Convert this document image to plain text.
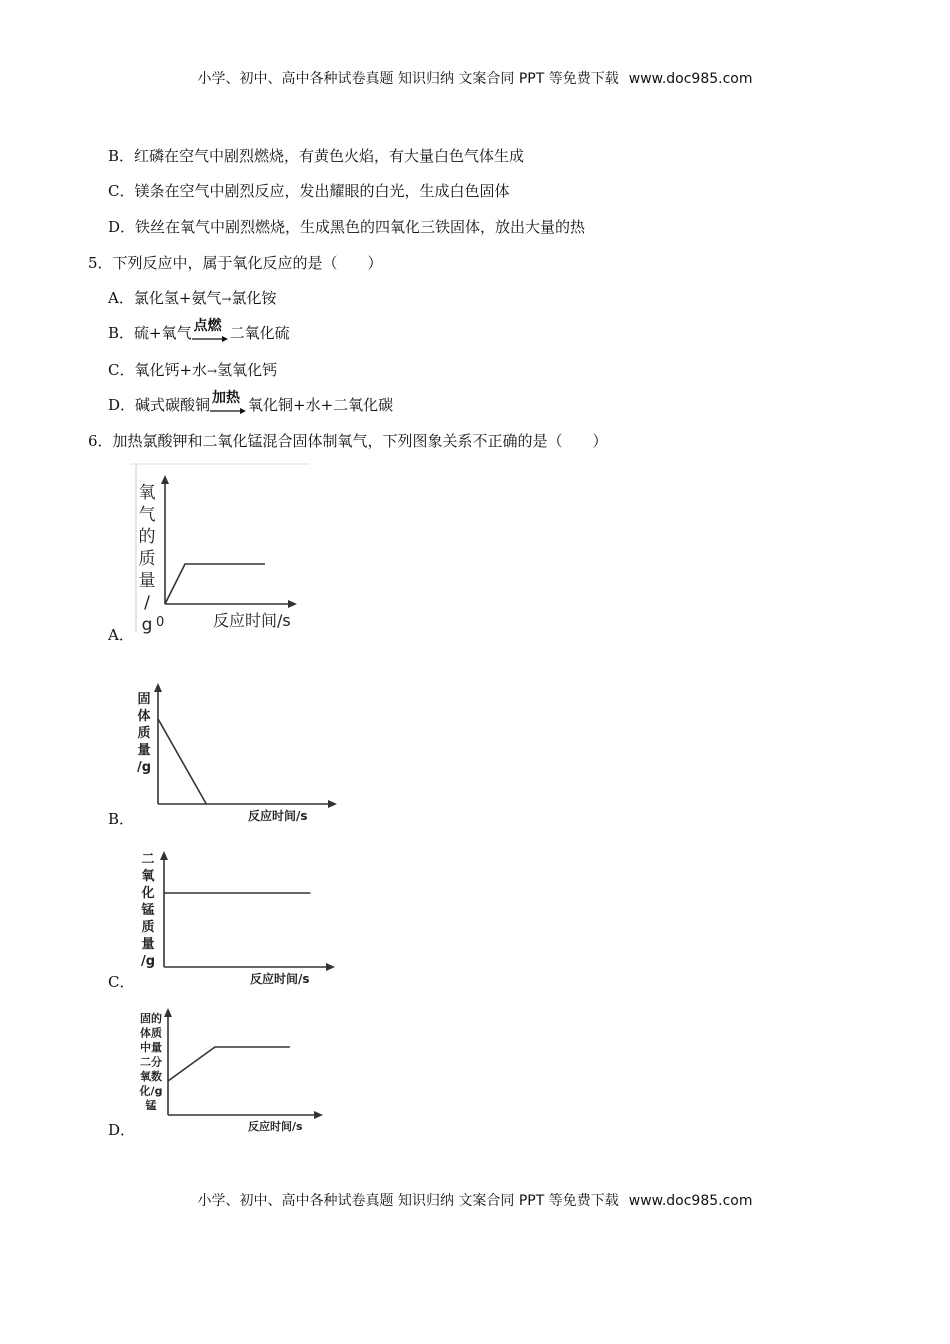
小学、初中、高中各种试卷真题 知识归纳 文案合同 PPT 等免费下载 www.doc985.com
B．红磷在空气中剧烈燃烧，有黄色火焰，有大量白色气体生成
C．镁条在空气中剧烈反应，发出耀眼的白光，生成白色固体
D．铁丝在氧气中剧烈燃烧，生成黑色的四氧化三铁固体，放出大量的热
5．下列反应中，属于氧化反应的是（　　）
A．氯化氢+氨气→氯化铵
B．硫+氧气 点燃 二氧化硫
C．氧化钙+水→氢氧化钙
D．碱式碳酸铜 加热 氧化铜+水+二氧化碳
6．加热氯酸钾和二氧化锰混合固体制氧气，下列图象关系不正确的是（　　）
氧
气
的
质
量
/
g 0	反应时间/s
A．
固
体
质
量
/g
反应时间/s
B．
二
氧
化
锰
质
量
/g
反应时间/s
C．
固的
体质
中量
二分
氧数
化/g
锰
反应时间/s
D．
小学、初中、高中各种试卷真题 知识归纳 文案合同 PPT 等免费下载 www.doc985.com
